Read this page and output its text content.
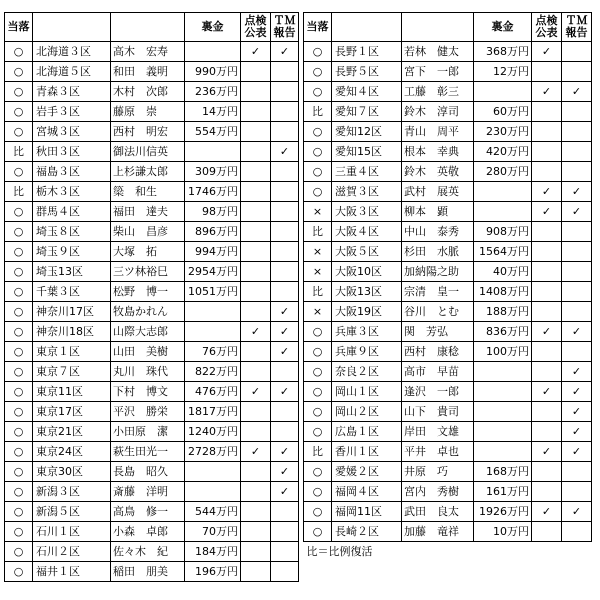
当落			裏金	点検
公表	ＴＭ
報告
○	北海道３区	高木　宏寿		✓	✓
○	北海道５区	和田　義明	990万円		
○	青森３区	木村　次郎	236万円		
○	岩手３区	藤原　崇	14万円		
○	宮城３区	西村　明宏	554万円		
比	秋田３区	御法川信英			✓
○	福島３区	上杉謙太郎	309万円		
比	栃木３区	簗　和生	1746万円		
○	群馬４区	福田　達夫	98万円		
○	埼玉８区	柴山　昌彦	896万円		
○	埼玉９区	大塚　拓	994万円		
○	埼玉13区	三ツ林裕巳	2954万円		
○	千葉３区	松野　博一	1051万円		
○	神奈川17区	牧島かれん			✓
○	神奈川18区	山際大志郎		✓	✓
○	東京１区	山田　美樹	76万円		✓
○	東京７区	丸川　珠代	822万円		
○	東京11区	下村　博文	476万円	✓	✓
○	東京17区	平沢　勝栄	1817万円		
○	東京21区	小田原　潔	1240万円		
○	東京24区	萩生田光一	2728万円	✓	✓
○	東京30区	長島　昭久			✓
○	新潟３区	斎藤　洋明			✓
○	新潟５区	高鳥　修一	544万円		
○	石川１区	小森　卓郎	70万円		
○	石川２区	佐々木　紀	184万円		
○	福井１区	稲田　朋美	196万円		
当落			裏金	点検
公表	ＴＭ
報告
○	長野１区	若林　健太	368万円	✓	
○	長野５区	宮下　一郎	12万円		
○	愛知４区	工藤　彰三		✓	✓
比	愛知７区	鈴木　淳司	60万円		
○	愛知12区	青山　周平	230万円		
○	愛知15区	根本　幸典	420万円		
○	三重４区	鈴木　英敬	280万円		
○	滋賀３区	武村　展英		✓	✓
×	大阪３区	柳本　顕		✓	✓
比	大阪４区	中山　泰秀	908万円		
×	大阪５区	杉田　水脈	1564万円		
×	大阪10区	加納陽之助	40万円		
比	大阪13区	宗清　皇一	1408万円		
×	大阪19区	谷川　とむ	188万円		
○	兵庫３区	関　芳弘	836万円	✓	✓
○	兵庫９区	西村　康稔	100万円		
○	奈良２区	高市　早苗			✓
○	岡山１区	逢沢　一郎		✓	✓
○	岡山２区	山下　貴司			✓
○	広島１区	岸田　文雄			✓
比	香川１区	平井　卓也		✓	✓
○	愛媛２区	井原　巧	168万円		
○	福岡４区	宮内　秀樹	161万円		
○	福岡11区	武田　良太	1926万円	✓	✓
○	長崎２区	加藤　竜祥	10万円		
比＝比例復活					
